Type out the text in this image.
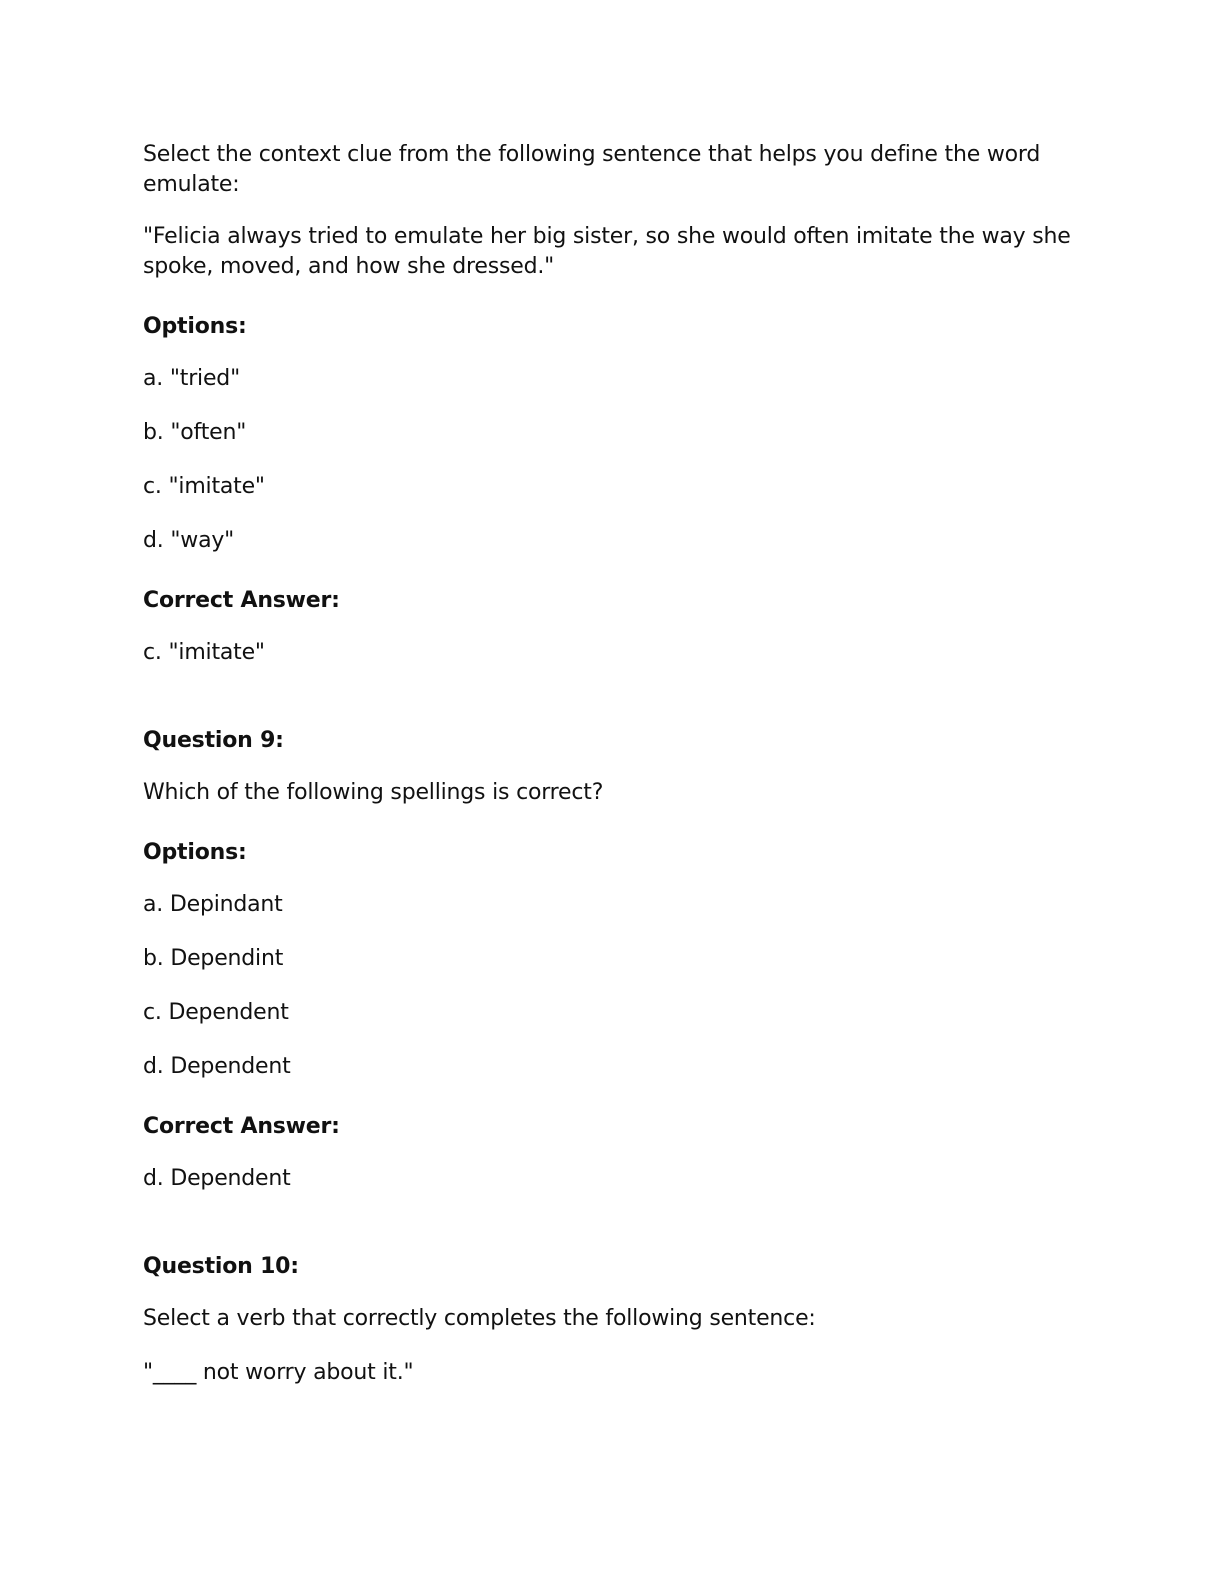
Select the context clue from the following sentence that helps you define the word emulate:

"Felicia always tried to emulate her big sister, so she would often imitate the way she spoke, moved, and how she dressed."

Options:

a. "tried"

b. "often"

c. "imitate"

d. "way"

Correct Answer:

c. "imitate"

Question 9:

Which of the following spellings is correct?

Options:

a. Depindant

b. Dependint

c. Dependent

d. Dependent

Correct Answer:

d. Dependent

Question 10:

Select a verb that correctly completes the following sentence:

"____ not worry about it."
